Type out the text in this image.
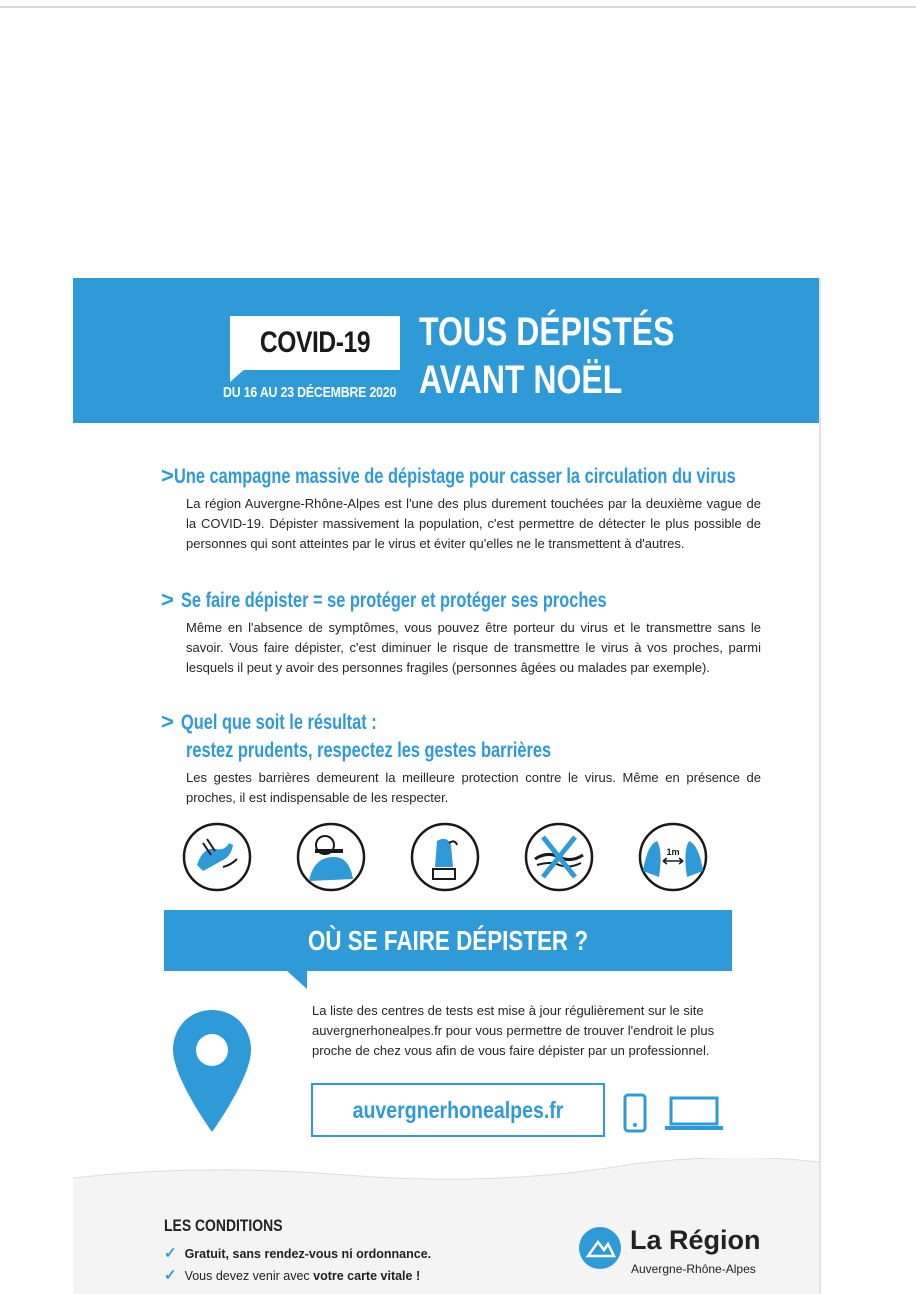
COVID-19
DU 16 AU 23 DÉCEMBRE 2020
TOUS DÉPISTÉS
AVANT NOËL
> Une campagne massive de dépistage pour casser la circulation du virus
La région Auvergne-Rhône-Alpes est l'une des plus durement touchées par la deuxième vague de la COVID-19. Dépister massivement la population, c'est permettre de détecter le plus possible de personnes qui sont atteintes par le virus et éviter qu'elles ne le transmettent à d'autres.
> Se faire dépister = se protéger et protéger ses proches
Même en l'absence de symptômes, vous pouvez être porteur du virus et le transmettre sans le savoir. Vous faire dépister, c'est diminuer le risque de transmettre le virus à vos proches, parmi lesquels il peut y avoir des personnes fragiles (personnes âgées ou malades par exemple).
> Quel que soit le résultat :
restez prudents, respectez les gestes barrières
Les gestes barrières demeurent la meilleure protection contre le virus. Même en présence de proches, il est indispensable de les respecter.
1m
OÙ SE FAIRE DÉPISTER ?
La liste des centres de tests est mise à jour régulièrement sur le site auvergnerhonealpes.fr pour vous permettre de trouver l'endroit le plus proche de chez vous afin de vous faire dépister par un professionnel.
auvergnerhonealpes.fr
LES CONDITIONS
✓ Gratuit, sans rendez-vous ni ordonnance.
✓ Vous devez venir avec votre carte vitale !
La Région
Auvergne-Rhône-Alpes
